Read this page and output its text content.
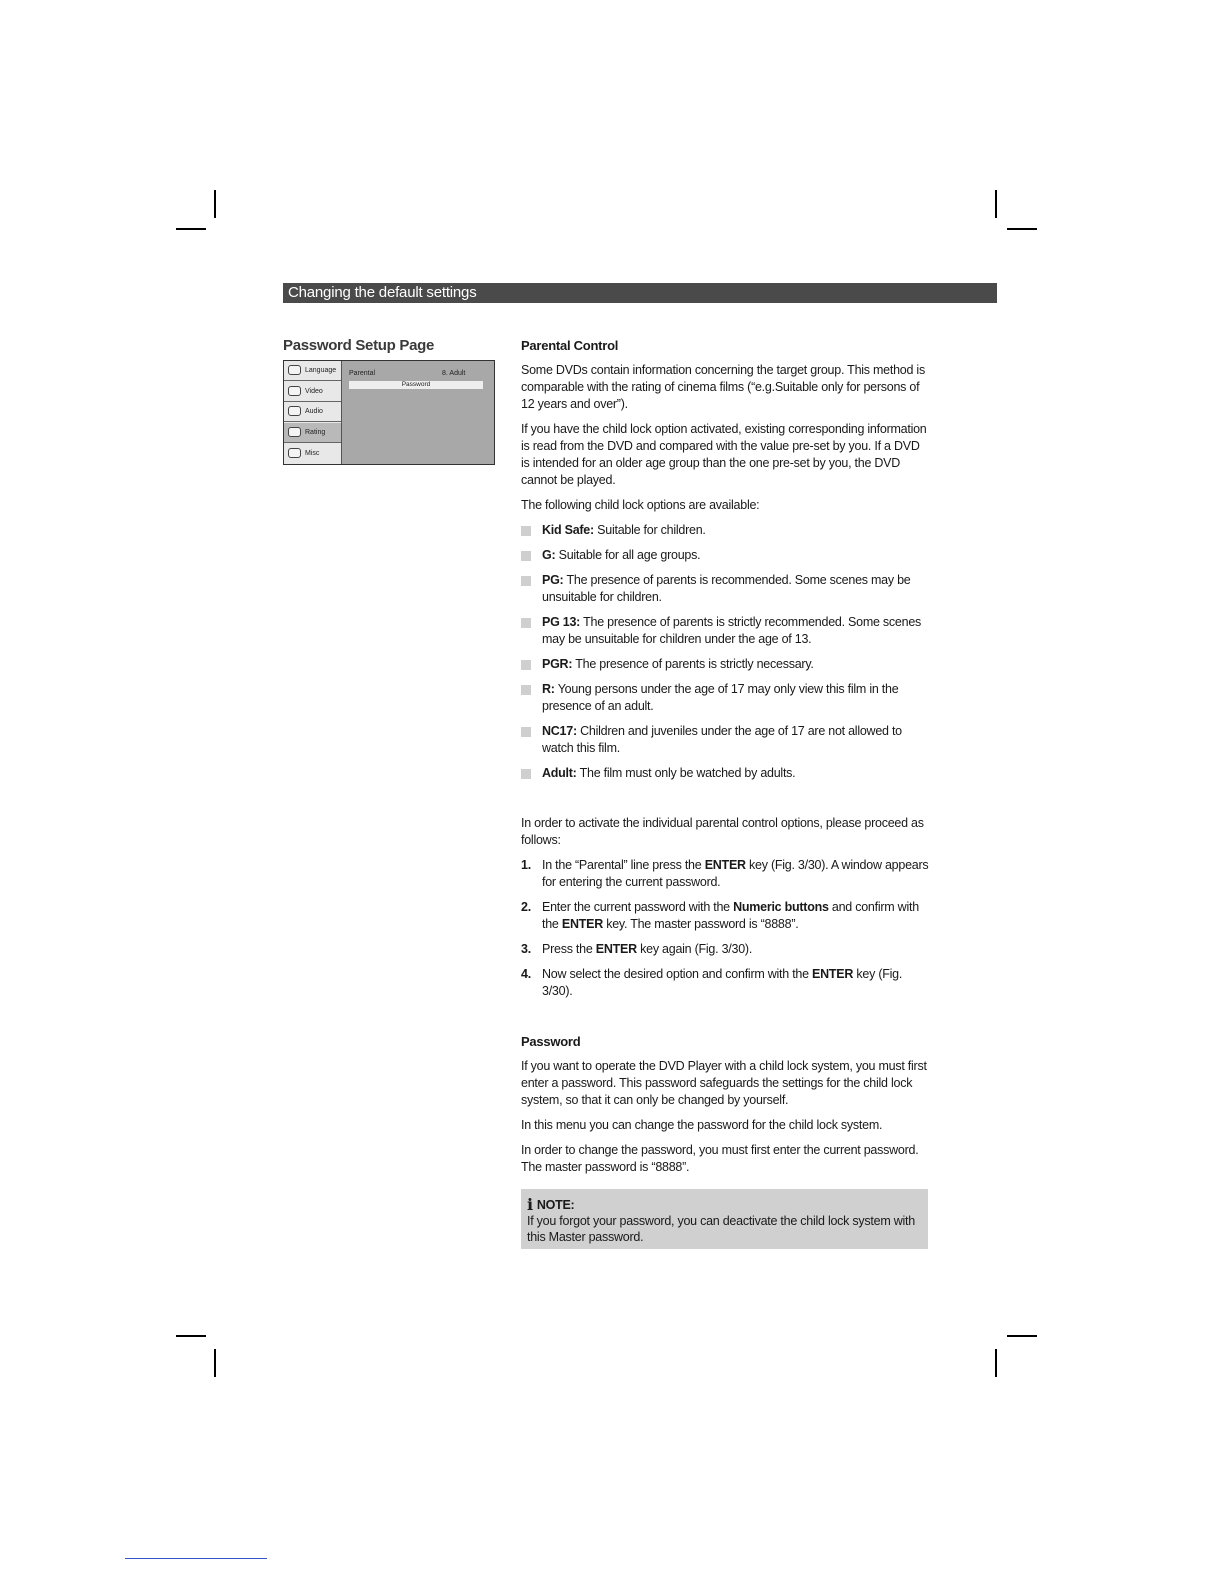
Changing the default settings
Password Setup Page
Language
Video
Audio
Rating
Misc
Parental	8. Adult
Password
Parental Control

Some DVDs contain information concerning the target group. This method is comparable with the rating of cinema films (“e.g.Suitable only for persons of 12 years and over”).

If you have the child lock option activated, existing corresponding information is read from the DVD and compared with the value pre-set by you. If a DVD is intended for an older age group than the one pre-set by you, the DVD cannot be played.

The following child lock options are available:

Kid Safe: Suitable for children.
G: Suitable for all age groups.
PG: The presence of parents is recommended. Some scenes may be unsuitable for children.
PG 13: The presence of parents is strictly recommended. Some scenes may be unsuitable for children under the age of 13.
PGR: The presence of parents is strictly necessary.
R: Young persons under the age of 17 may only view this film in the presence of an adult.
NC17: Children and juveniles under the age of 17 are not allowed to watch this film.
Adult: The film must only be watched by adults.

In order to activate the individual parental control options, please proceed as follows:

1. In the “Parental” line press the ENTER key (Fig. 3/30). A window appears for entering the current password.
2. Enter the current password with the Numeric buttons and confirm with the ENTER key. The master password is “8888”.
3. Press the ENTER key again (Fig. 3/30).
4. Now select the desired option and confirm with the ENTER key (Fig. 3/30).
Password

If you want to operate the DVD Player with a child lock system, you must first enter a password. This password safeguards the settings for the child lock system, so that it can only be changed by yourself.

In this menu you can change the password for the child lock system.

In order to change the password, you must first enter the current password. The master password is “8888”.

i NOTE:

If you forgot your password, you can deactivate the child lock system with this Master password.
